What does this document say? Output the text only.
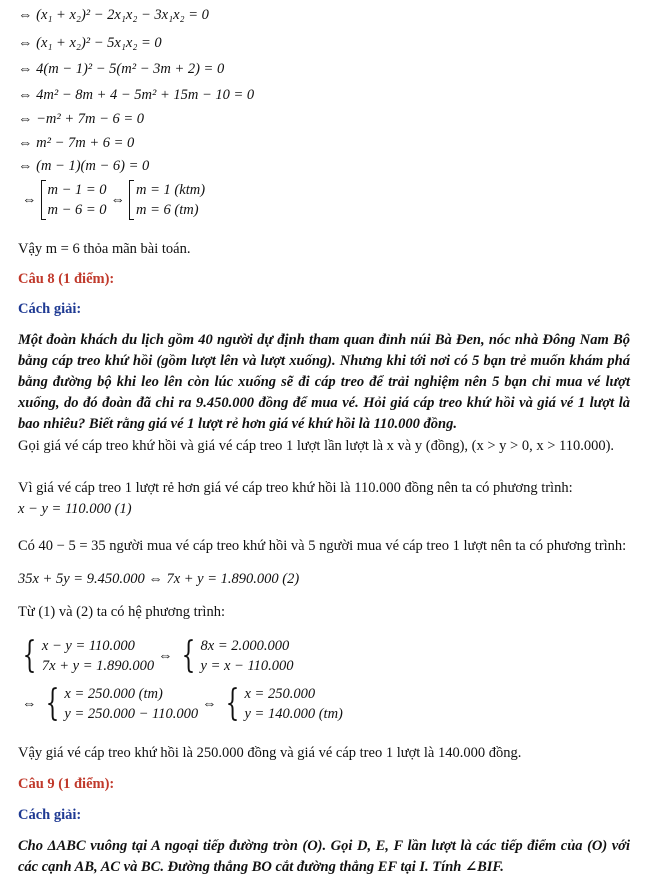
⇔ (x₁ + x₂)² − 2x₁x₂ − 3x₁x₂ = 0
⇔ (x₁ + x₂)² − 5x₁x₂ = 0
⇔ 4(m − 1)² − 5(m² − 3m + 2) = 0
⇔ 4m² − 8m + 4 − 5m² + 15m − 10 = 0
⇔ −m² + 7m − 6 = 0
⇔ m² − 7m + 6 = 0
⇔ (m − 1)(m − 6) = 0
⇔
m − 1 = 0
m − 6 = 0
⇔
m = 1 (ktm)
m = 6 (tm)
Vậy m = 6 thỏa mãn bài toán.
Câu 8 (1 điểm):
Cách giải:
Một đoàn khách du lịch gồm 40 người dự định tham quan đỉnh núi Bà Đen, nóc nhà Đông Nam Bộ bằng cáp treo khứ hồi (gồm lượt lên và lượt xuống). Nhưng khi tới nơi có 5 bạn trẻ muốn khám phá bằng đường bộ khi leo lên còn lúc xuống sẽ đi cáp treo để trải nghiệm nên 5 bạn chỉ mua vé lượt xuống, do đó đoàn đã chi ra 9.450.000 đồng để mua vé. Hỏi giá cáp treo khứ hồi và giá vé 1 lượt là bao nhiêu? Biết rằng giá vé 1 lượt rẻ hơn giá vé khứ hồi là 110.000 đồng.
Gọi giá vé cáp treo khứ hồi và giá vé cáp treo 1 lượt lần lượt là x và y (đồng), (x > y > 0, x > 110.000).
Vì giá vé cáp treo 1 lượt rẻ hơn giá vé cáp treo khứ hồi là 110.000 đồng nên ta có phương trình:
x − y = 110.000 (1)
Có 40 − 5 = 35 người mua vé cáp treo khứ hồi và 5 người mua vé cáp treo 1 lượt nên ta có phương trình:
35x + 5y = 9.450.000 ⇔ 7x + y = 1.890.000 (2)
Từ (1) và (2) ta có hệ phương trình:
{ x − y = 110.000
7x + y = 1.890.000
⇔ { 8x = 2.000.000
y = x − 110.000
⇔ { x = 250.000 (tm)
y = 250.000 − 110.000
⇔ { x = 250.000
y = 140.000 (tm)
Vậy giá vé cáp treo khứ hồi là 250.000 đồng và giá vé cáp treo 1 lượt là 140.000 đồng.
Câu 9 (1 điểm):
Cách giải:
Cho ΔABC vuông tại A ngoại tiếp đường tròn (O). Gọi D, E, F lần lượt là các tiếp điểm của (O) với các cạnh AB, AC và BC. Đường thẳng BO cắt đường thẳng EF tại I. Tính ∠BIF.
